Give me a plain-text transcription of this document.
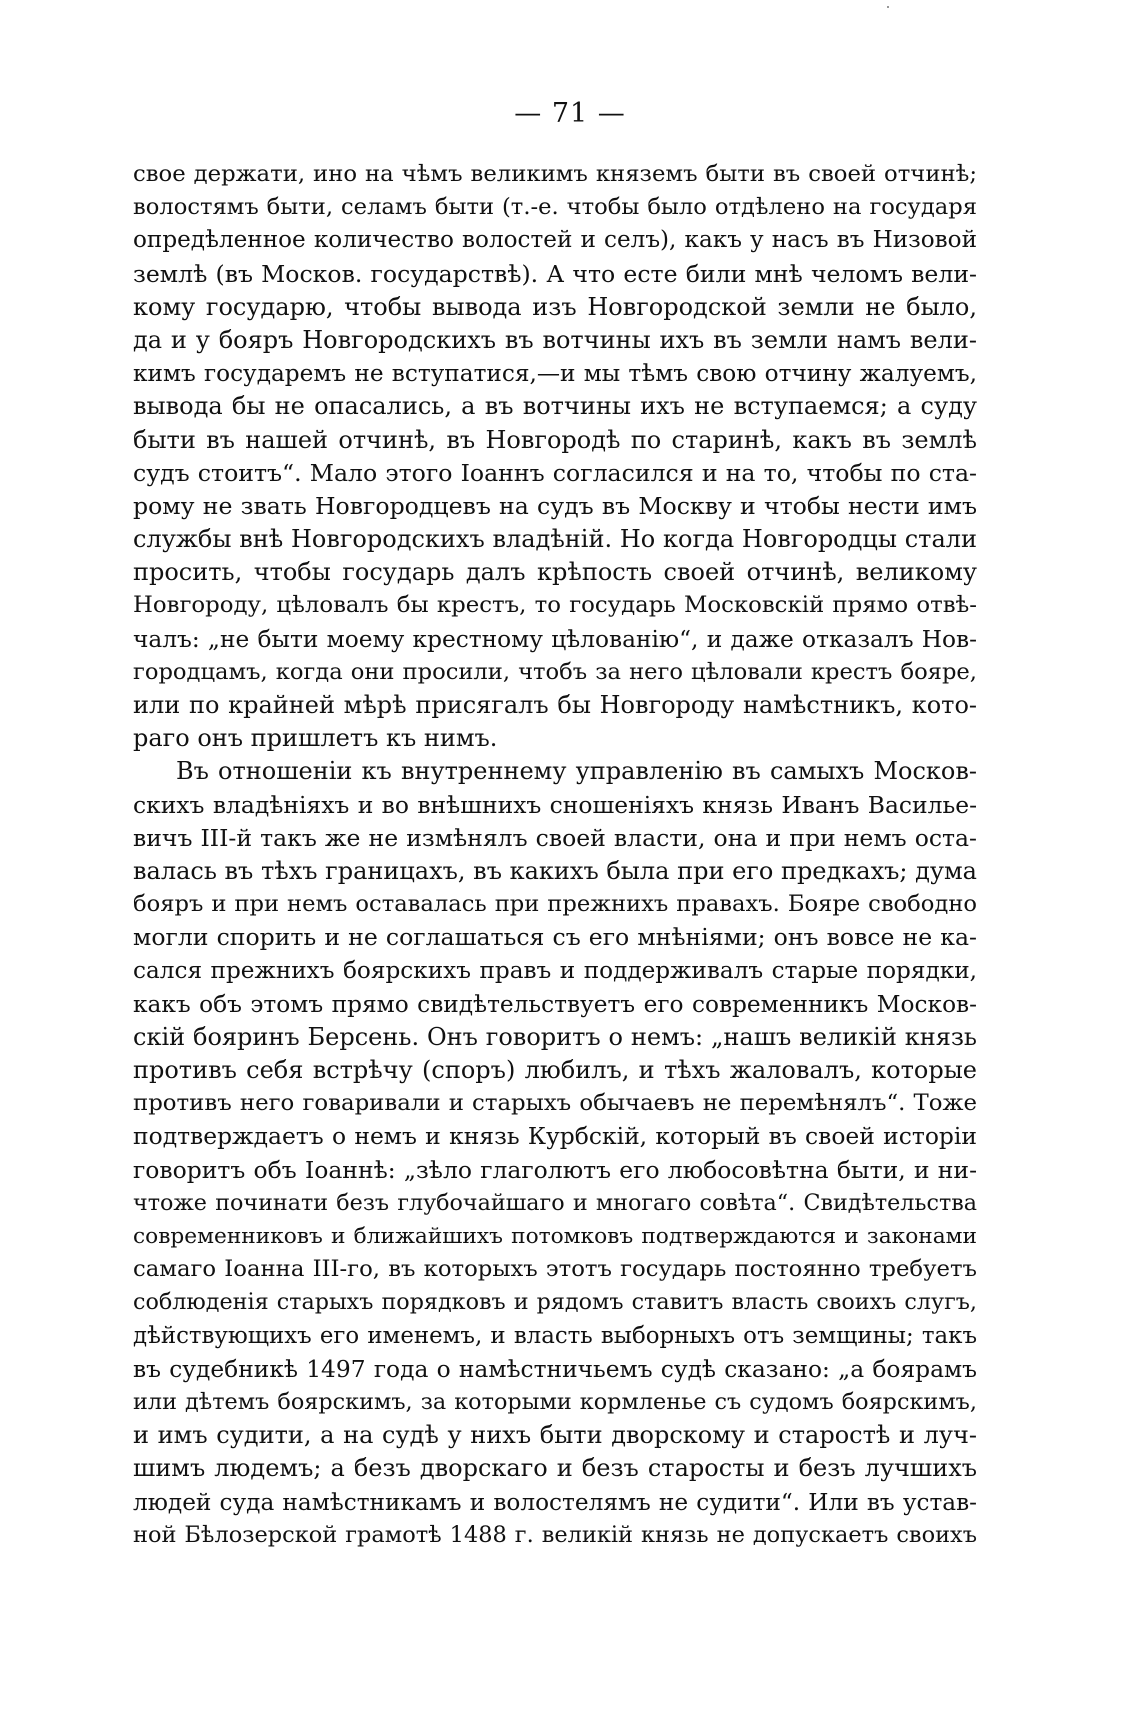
— 71 —
свое держати, ино на чѣмъ великимъ княземъ быти въ своей отчинѣ;
волостямъ быти, селамъ быти (т.-е. чтобы было отдѣлено на государя
опредѣленное количество волостей и селъ), какъ у насъ въ Низовой
землѣ (въ Москов. государствѣ). А что есте били мнѣ челомъ вели-
кому государю, чтобы вывода изъ Новгородской земли не было,
да и у бояръ Новгородскихъ въ вотчины ихъ въ земли намъ вели-
кимъ государемъ не вступатися,—и мы тѣмъ свою отчину жалуемъ,
вывода бы не опасались, а въ вотчины ихъ не вступаемся; а суду
быти въ нашей отчинѣ, въ Новгородѣ по старинѣ, какъ въ землѣ
судъ стоитъ“. Мало этого Іоаннъ согласился и на то, чтобы по ста-
рому не звать Новгородцевъ на судъ въ Москву и чтобы нести имъ
службы внѣ Новгородскихъ владѣній. Но когда Новгородцы стали
просить, чтобы государь далъ крѣпость своей отчинѣ, великому
Новгороду, цѣловалъ бы крестъ, то государь Московскій прямо отвѣ-
чалъ: „не быти моему крестному цѣлованію“, и даже отказалъ Нов-
городцамъ, когда они просили, чтобъ за него цѣловали крестъ бояре,
или по крайней мѣрѣ присягалъ бы Новгороду намѣстникъ, кото-
раго онъ пришлетъ къ нимъ.
Въ отношеніи къ внутреннему управленію въ самыхъ Москов-
скихъ владѣніяхъ и во внѣшнихъ сношеніяхъ князь Иванъ Василье-
вичъ III-й такъ же не измѣнялъ своей власти, она и при немъ оста-
валась въ тѣхъ границахъ, въ какихъ была при его предкахъ; дума
бояръ и при немъ оставалась при прежнихъ правахъ. Бояре свободно
могли спорить и не соглашаться съ его мнѣніями; онъ вовсе не ка-
сался прежнихъ боярскихъ правъ и поддерживалъ старые порядки,
какъ объ этомъ прямо свидѣтельствуетъ его современникъ Москов-
скій бояринъ Берсень. Онъ говоритъ о немъ: „нашъ великій князь
противъ себя встрѣчу (споръ) любилъ, и тѣхъ жаловалъ, которые
противъ него говаривали и старыхъ обычаевъ не перемѣнялъ“. Тоже
подтверждаетъ о немъ и князь Курбскій, который въ своей исторіи
говоритъ объ Іоаннѣ: „зѣло глаголютъ его любосовѣтна быти, и ни-
чтоже починати безъ глубочайшаго и многаго совѣта“. Свидѣтельства
современниковъ и ближайшихъ потомковъ подтверждаются и законами
самаго Іоанна III-го, въ которыхъ этотъ государь постоянно требуетъ
соблюденія старыхъ порядковъ и рядомъ ставитъ власть своихъ слугъ,
дѣйствующихъ его именемъ, и власть выборныхъ отъ земщины; такъ
въ судебникѣ 1497 года о намѣстничьемъ судѣ сказано: „а боярамъ
или дѣтемъ боярскимъ, за которыми кормленье съ судомъ боярскимъ,
и имъ судити, а на судѣ у нихъ быти дворскому и старостѣ и луч-
шимъ людемъ; а безъ дворскаго и безъ старосты и безъ лучшихъ
людей суда намѣстникамъ и волостелямъ не судити“. Или въ устав-
ной Бѣлозерской грамотѣ 1488 г. великій князь не допускаетъ своихъ
